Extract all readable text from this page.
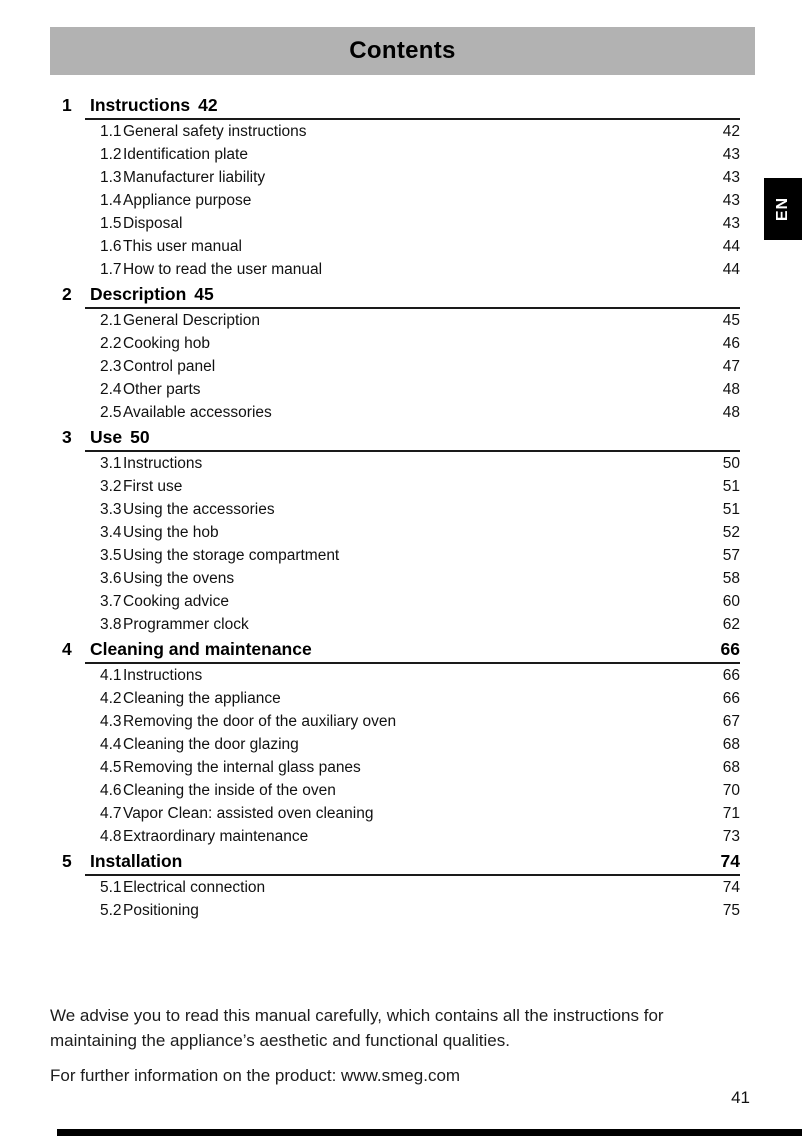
Contents
EN
1	Instructions 42
1.1 General safety instructions	42
1.2 Identification plate	43
1.3 Manufacturer liability	43
1.4 Appliance purpose	43
1.5 Disposal	43
1.6 This user manual	44
1.7 How to read the user manual	44
2	Description 45
2.1 General Description	45
2.2 Cooking hob	46
2.3 Control panel	47
2.4 Other parts	48
2.5 Available accessories	48
3	Use 50
3.1 Instructions	50
3.2 First use	51
3.3 Using the accessories	51
3.4 Using the hob	52
3.5 Using the storage compartment	57
3.6 Using the ovens	58
3.7 Cooking advice	60
3.8 Programmer clock	62
4	Cleaning and maintenance	66
4.1 Instructions	66
4.2 Cleaning the appliance	66
4.3 Removing the door of the auxiliary oven	67
4.4 Cleaning the door glazing	68
4.5 Removing the internal glass panes	68
4.6 Cleaning the inside of the oven	70
4.7 Vapor Clean: assisted oven cleaning	71
4.8 Extraordinary maintenance	73
5	Installation	74
5.1 Electrical connection	74
5.2 Positioning	75

We advise you to read this manual carefully, which contains all the instructions for maintaining the appliance’s aesthetic and functional qualities.

For further information on the product: www.smeg.com

41
